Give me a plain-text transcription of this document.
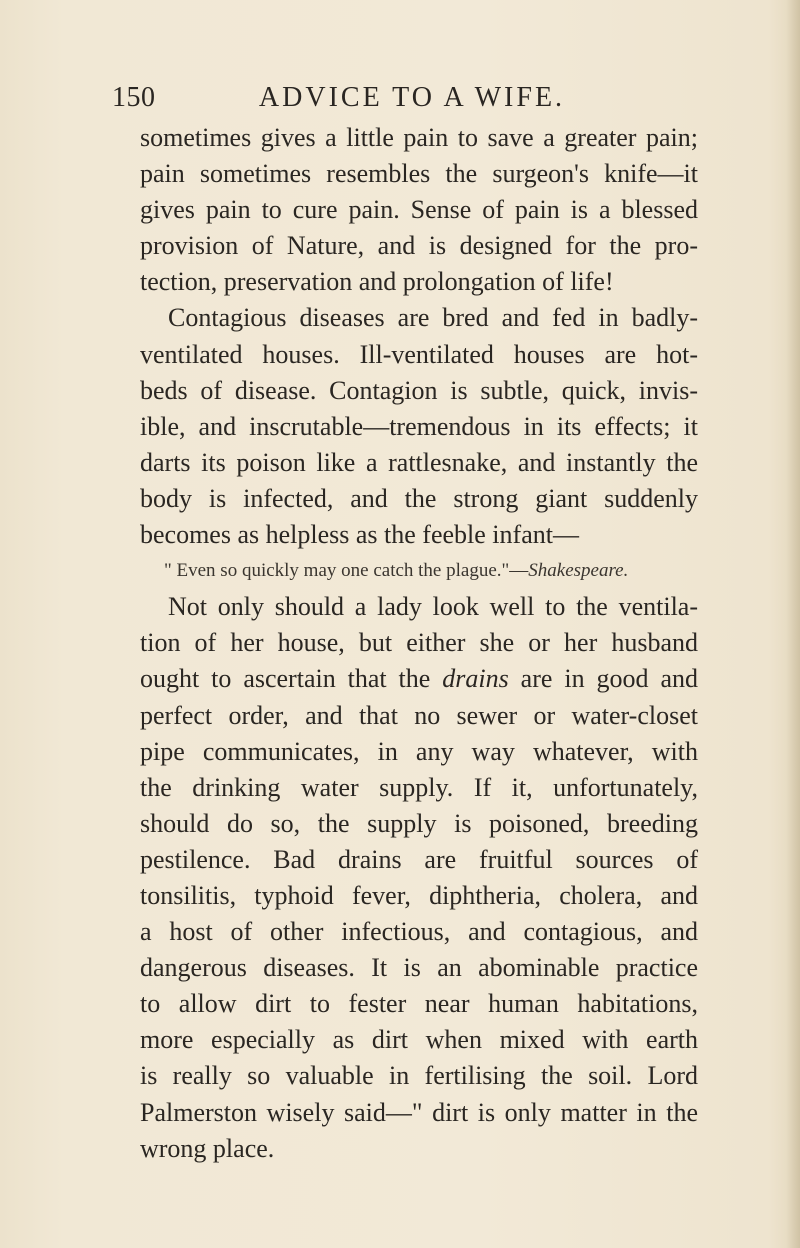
150	ADVICE TO A WIFE.
sometimes gives a little pain to save a greater pain;
pain sometimes resembles the surgeon's knife—it
gives pain to cure pain. Sense of pain is a blessed
provision of Nature, and is designed for the pro-
tection, preservation and prolongation of life!
Contagious diseases are bred and fed in badly-
ventilated houses. Ill-ventilated houses are hot-
beds of disease. Contagion is subtle, quick, invis-
ible, and inscrutable—tremendous in its effects; it
darts its poison like a rattlesnake, and instantly the
body is infected, and the strong giant suddenly
becomes as helpless as the feeble infant—
" Even so quickly may one catch the plague."—Shakespeare.
Not only should a lady look well to the ventila-
tion of her house, but either she or her husband
ought to ascertain that the drains are in good and
perfect order, and that no sewer or water-closet
pipe communicates, in any way whatever, with
the drinking water supply. If it, unfortunately,
should do so, the supply is poisoned, breeding
pestilence. Bad drains are fruitful sources of
tonsilitis, typhoid fever, diphtheria, cholera, and
a host of other infectious, and contagious, and
dangerous diseases. It is an abominable practice
to allow dirt to fester near human habitations,
more especially as dirt when mixed with earth
is really so valuable in fertilising the soil. Lord
Palmerston wisely said—" dirt is only matter in the
wrong place.
